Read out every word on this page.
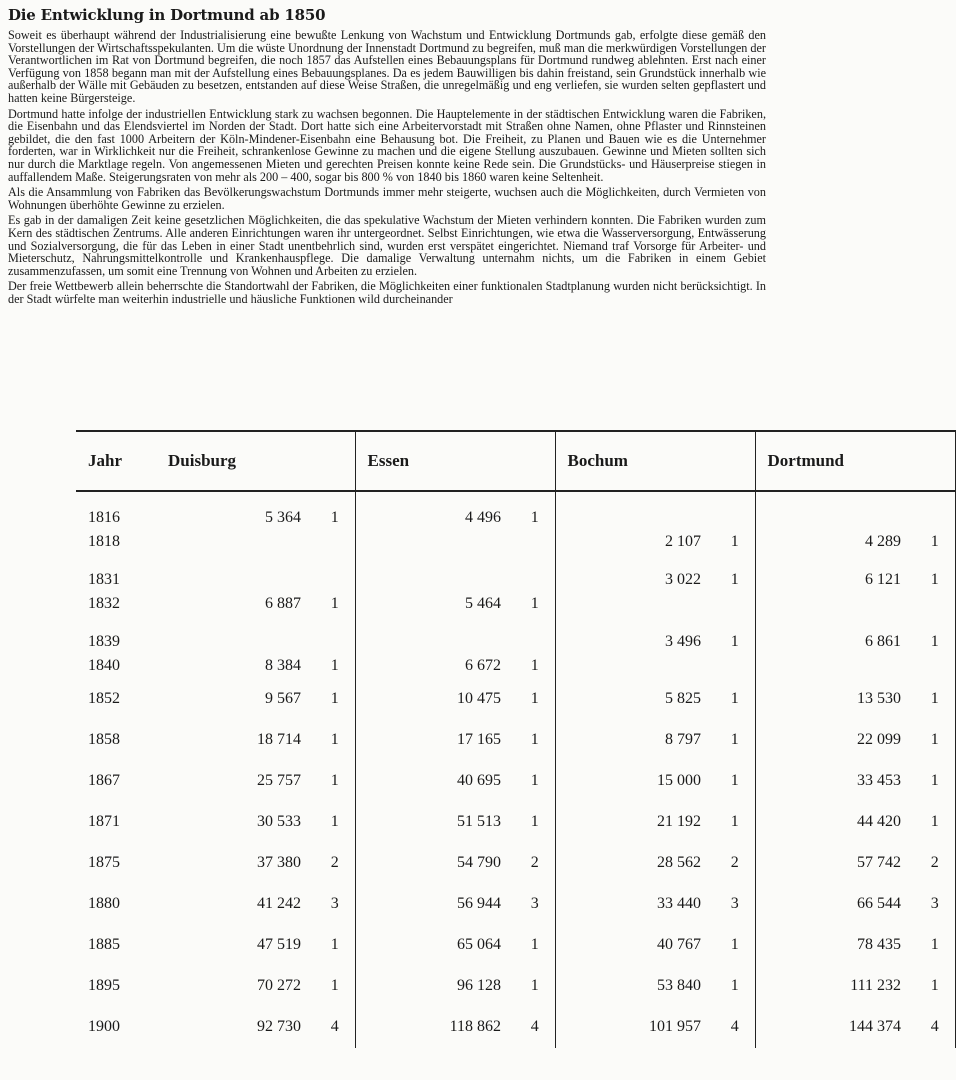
Die Entwicklung in Dortmund ab 1850

Soweit es überhaupt während der Industrialisierung eine bewußte Lenkung von Wachstum und Entwicklung Dortmunds gab, erfolgte diese gemäß den Vorstellungen der Wirtschaftsspekulanten. Um die wüste Unordnung der Innenstadt Dortmund zu begreifen, muß man die merkwürdigen Vorstellungen der Verantwortlichen im Rat von Dortmund begreifen, die noch 1857 das Aufstellen eines Bebauungsplans für Dortmund rundweg ablehnten. Erst nach einer Verfügung von 1858 begann man mit der Aufstellung eines Bebauungsplanes. Da es jedem Bauwilligen bis dahin freistand, sein Grundstück innerhalb wie außerhalb der Wälle mit Gebäuden zu besetzen, entstanden auf diese Weise Straßen, die unregelmäßig und eng verliefen, sie wurden selten gepflastert und hatten keine Bürgersteige.

Dortmund hatte infolge der industriellen Entwicklung stark zu wachsen begonnen. Die Hauptelemente in der städtischen Entwicklung waren die Fabriken, die Eisenbahn und das Elendsviertel im Norden der Stadt. Dort hatte sich eine Arbeitervorstadt mit Straßen ohne Namen, ohne Pflaster und Rinnsteinen gebildet, die den fast 1000 Arbeitern der Köln-Mindener-Eisenbahn eine Behausung bot. Die Freiheit, zu Planen und Bauen wie es die Unternehmer forderten, war in Wirklichkeit nur die Freiheit, schrankenlose Gewinne zu machen und die eigene Stellung auszubauen. Gewinne und Mieten sollten sich nur durch die Marktlage regeln. Von angemessenen Mieten und gerechten Preisen konnte keine Rede sein. Die Grundstücks- und Häuserpreise stiegen in auffallendem Maße. Steigerungsraten von mehr als 200 – 400, sogar bis 800 % von 1840 bis 1860 waren keine Seltenheit.

Als die Ansammlung von Fabriken das Bevölkerungswachstum Dortmunds immer mehr steigerte, wuchsen auch die Möglichkeiten, durch Vermieten von Wohnungen überhöhte Gewinne zu erzielen.

Es gab in der damaligen Zeit keine gesetzlichen Möglichkeiten, die das spekulative Wachstum der Mieten verhindern konnten. Die Fabriken wurden zum Kern des städtischen Zentrums. Alle anderen Einrichtungen waren ihr untergeordnet. Selbst Einrichtungen, wie etwa die Wasserversorgung, Entwässerung und Sozialversorgung, die für das Leben in einer Stadt unentbehrlich sind, wurden erst verspätet eingerichtet. Niemand traf Vorsorge für Arbeiter- und Mieterschutz, Nahrungsmittelkontrolle und Krankenhauspflege. Die damalige Verwaltung unternahm nichts, um die Fabriken in einem Gebiet zusammenzufassen, um somit eine Trennung von Wohnen und Arbeiten zu erzielen.

Der freie Wettbewerb allein beherrschte die Standortwahl der Fabriken, die Möglichkeiten einer funktionalen Stadtplanung wurden nicht berücksichtigt. In der Stadt würfelte man weiterhin industrielle und häusliche Funktionen wild durcheinander

Jahr	Duisburg		Essen		Bochum		Dortmund	

1816	5 364	1	4 496	1				
1818					2 107	1	4 289	1

1831					3 022	1	6 121	1
1832	6 887	1	5 464	1				

1839					3 496	1	6 861	1
1840	8 384	1	6 672	1				
1852	9 567	1	10 475	1	5 825	1	13 530	1
1858	18 714	1	17 165	1	8 797	1	22 099	1
1867	25 757	1	40 695	1	15 000	1	33 453	1
1871	30 533	1	51 513	1	21 192	1	44 420	1
1875	37 380	2	54 790	2	28 562	2	57 742	2
1880	41 242	3	56 944	3	33 440	3	66 544	3
1885	47 519	1	65 064	1	40 767	1	78 435	1
1895	70 272	1	96 128	1	53 840	1	111 232	1
1900	92 730	4	118 862	4	101 957	4	144 374	4
